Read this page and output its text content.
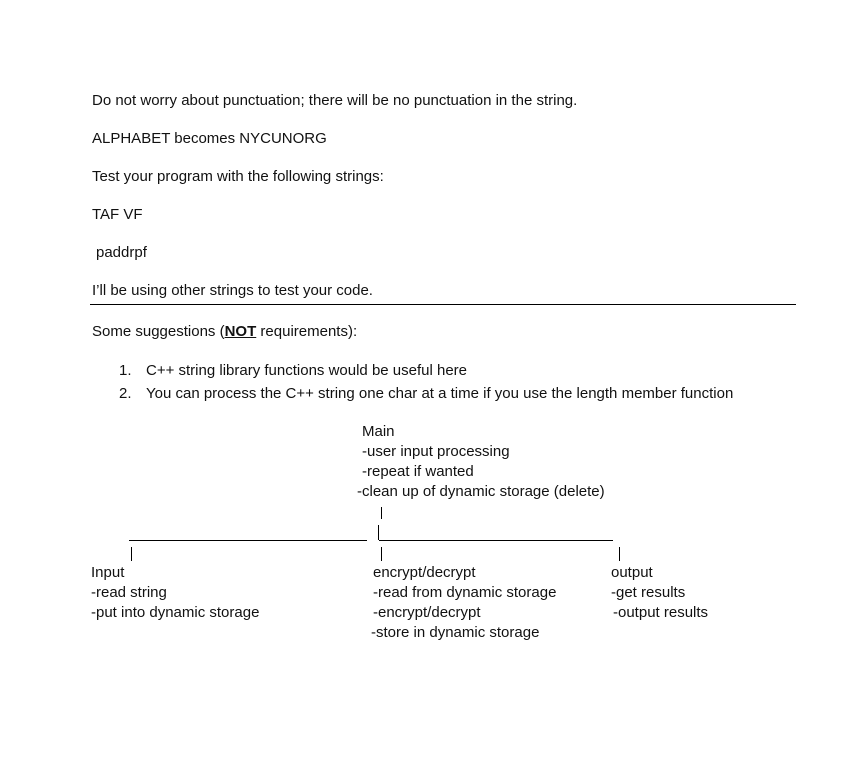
Do not worry about punctuation; there will be no punctuation in the string.
ALPHABET becomes NYCUNORG
Test your program with the following strings:
TAF VF
paddrpf
I’ll be using other strings to test your code.
Some suggestions (NOT requirements):
1. C++ string library functions would be useful here
2. You can process the C++ string one char at a time if you use the length member function
Main
-user input processing
-repeat if wanted
-clean up of dynamic storage (delete)
Input
-read string
-put into dynamic storage
encrypt/decrypt
-read from dynamic storage
-encrypt/decrypt
-store in dynamic storage
output
-get results
-output results
